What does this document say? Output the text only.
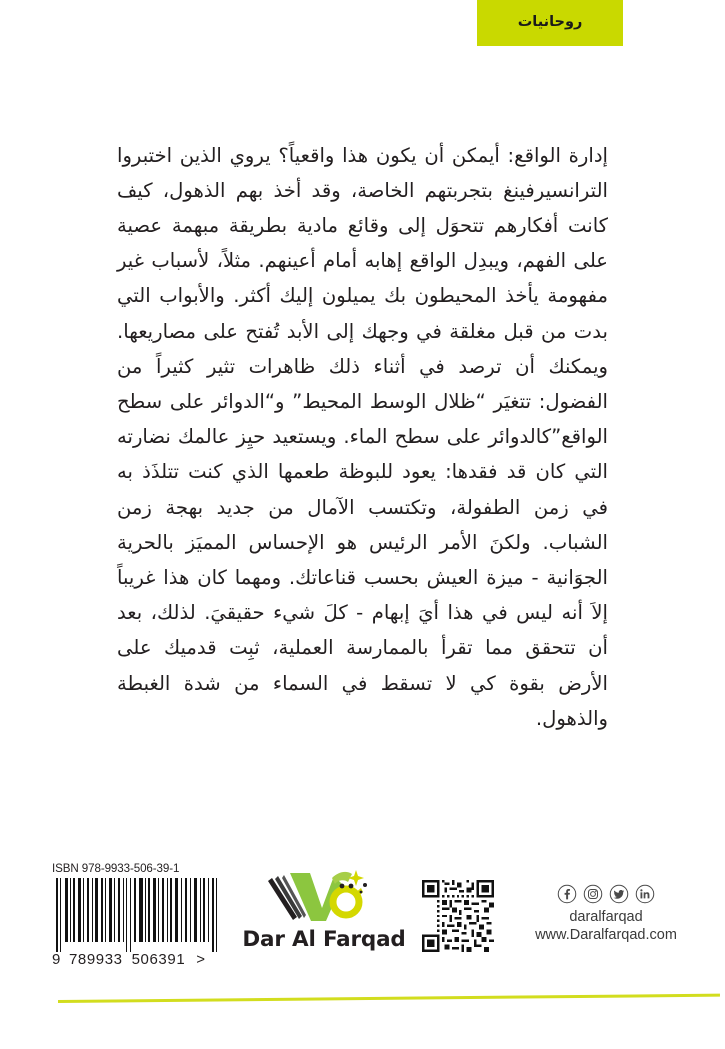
روحانيات

إدارة الواقع: أيمكن أن يكون هذا واقعياً؟ يروي الذين اختبروا الترانسيرفينغ بتجربتهم الخاصة، وقد أخذ بهم الذهول، كيف كانت أفكارهم تتحوَل إلى وقائع مادية بطريقة مبهمة عصية على الفهم، ويبدِل الواقع إهابه أمام أعينهم. مثلاً، لأسباب غير مفهومة يأخذ المحيطون بك يميلون إليك أكثر. والأبواب التي بدت من قبل مغلقة في وجهك إلى الأبد تُفتح على مصاريعها. ويمكنك أن ترصد في أثناء ذلك ظاهرات تثير كثيراً من الفضول: تتغيَر “ظلال الوسط المحيط” و“الدوائر على سطح الواقع”كالدوائر على سطح الماء. ويستعيد حيِز عالمك نضارته التي كان قد فقدها: يعود للبوظة طعمها الذي كنت تتلذَذ به في زمن الطفولة، وتكتسب الآمال من جديد بهجة زمن الشباب. ولكنَ الأمر الرئيس هو الإحساس المميَز بالحرية الجوَانية - ميزة العيش بحسب قناعاتك. ومهما كان هذا غريباً إلاَ أنه ليس في هذا أيَ إبهام - كلَ شيء حقيقيَ. لذلك، بعد أن تتحقق مما تقرأ بالممارسة العملية، ثبِت قدميك على الأرض بقوة كي لا تسقط في السماء من شدة الغبطة والذهول.

ISBN 978-9933-506-39-1
9 789933 506391 >
Dar Al Farqad
daralfarqad
www.Daralfarqad.com
